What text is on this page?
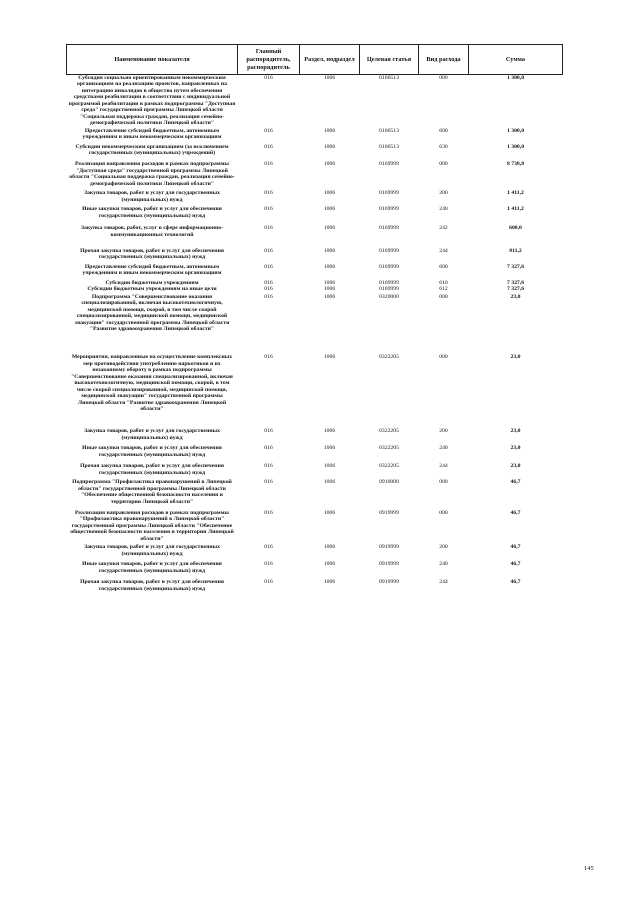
Наименование показателя	Главный распорядитель, распорядитель	Раздел, подраздел	Целевая статья	Вид расхода	Сумма
Субсидия социально ориентированным некоммерческим организациям на реализацию проектов, направленных на интеграцию инвалидов в общество путем обеспечения средствами реабилитации в соответствии с индивидуальной программой реабилитации в рамках подпрограммы "Доступная среда" государственной программы Липецкой области "Социальная поддержка граждан, реализация семейно-демографической политики Липецкой области"	016	1006	0166513	000	1 300,0
Предоставление субсидий бюджетным, автономным учреждениям и иным некоммерческим организациям	016	1006	0166513	600	1 300,0
Субсидии некоммерческим организациям (за исключением государственных (муниципальных) учреждений)	016	1006	0166513	630	1 300,0
Реализация направления расходов в рамках подпрограммы "Доступная среда" государственной программы Липецкой области "Социальная поддержка граждан, реализация семейно-демографической политики Липецкой области"	016	1006	0169999	000	8 738,8
Закупка товаров, работ и услуг для государственных (муниципальных) нужд	016	1006	0169999	200	1 411,2
Иные закупки товаров, работ и услуг для обеспечения государственных (муниципальных) нужд	016	1006	0169999	240	1 411,2
Закупка товаров, работ, услуг в сфере информационно-коммуникационных технологий	016	1006	0169999	242	600,0
Прочая закупка товаров, работ и услуг для обеспечения государственных (муниципальных) нужд	016	1006	0169999	244	811,2
Предоставление субсидий бюджетным, автономным учреждениям и иным некоммерческим организациям	016	1006	0169999	600	7 327,6
Субсидии бюджетным учреждениям	016	1006	0169999	610	7 327,6
Субсидии бюджетным учреждениям на иные цели	016	1006	0169999	612	7 327,6
Подпрограмма "Совершенствование оказания специализированной, включая высокотехнологичную, медицинской помощи, скорой, в том числе скорой специализированной, медицинской помощи, медицинской эвакуации" государственной программы Липецкой области "Развитие здравоохранения Липецкой области"	016	1006	0320000	000	23,0
Мероприятия, направленные на осуществление комплексных мер противодействия употреблению наркотиков и их незаконному обороту в рамках подпрограммы "Совершенствование оказания специализированной, включая высокотехнологичную, медицинской помощи, скорой, в том числе скорой специализированной, медицинской помощи, медицинской эвакуации" государственной программы Липецкой области "Развитие здравоохранения Липецкой области"	016	1006	0322205	000	23,0
Закупка товаров, работ и услуг для государственных (муниципальных) нужд	016	1006	0322205	200	23,0
Иные закупки товаров, работ и услуг для обеспечения государственных (муниципальных) нужд	016	1006	0322205	240	23,0
Прочая закупка товаров, работ и услуг для обеспечения государственных (муниципальных) нужд	016	1006	0322205	244	23,0
Подпрограмма "Профилактика правонарушений в Липецкой области" государственной программы Липецкой области "Обеспечение общественной безопасности населения и территории Липецкой области"	016	1006	0910000	000	46,7
Реализация направления расходов в рамках подпрограммы "Профилактика правонарушений в Липецкой области" государственной программы Липецкой области "Обеспечение общественной безопасности населения и территории Липецкой области"	016	1006	0919999	000	46,7
Закупка товаров, работ и услуг для государственных (муниципальных) нужд	016	1006	0919999	200	46,7
Иные закупки товаров, работ и услуг для обеспечения государственных (муниципальных) нужд	016	1006	0919999	240	46,7
Прочая закупка товаров, работ и услуг для обеспечения государственных (муниципальных) нужд	016	1006	0919999	244	46,7
145
